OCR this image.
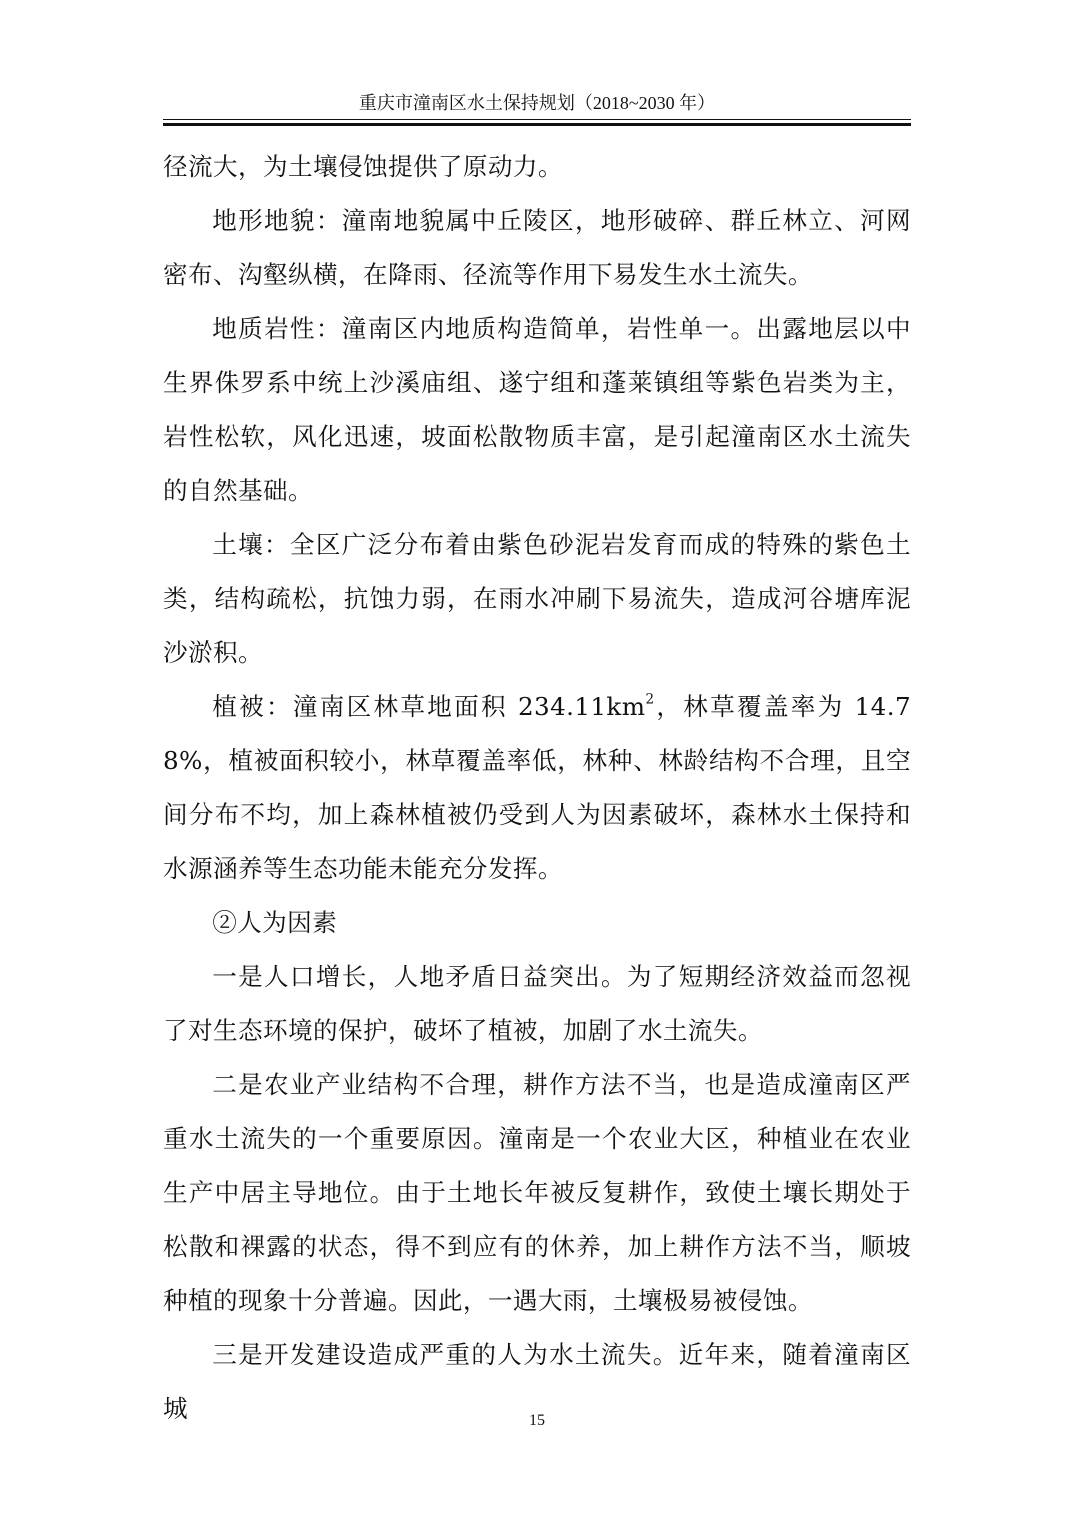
重庆市潼南区水土保持规划（2018~2030 年）

径流大，为土壤侵蚀提供了原动力。

地形地貌：潼南地貌属中丘陵区，地形破碎、群丘林立、河网密布、沟壑纵横，在降雨、径流等作用下易发生水土流失。

地质岩性：潼南区内地质构造简单，岩性单一。出露地层以中生界侏罗系中统上沙溪庙组、遂宁组和蓬莱镇组等紫色岩类为主，岩性松软，风化迅速，坡面松散物质丰富，是引起潼南区水土流失的自然基础。

土壤：全区广泛分布着由紫色砂泥岩发育而成的特殊的紫色土类，结构疏松，抗蚀力弱，在雨水冲刷下易流失，造成河谷塘库泥沙淤积。

植被：潼南区林草地面积 $234.11km^2$，林草覆盖率为 14.78%，植被面积较小，林草覆盖率低，林种、林龄结构不合理，且空间分布不均，加上森林植被仍受到人为因素破坏，森林水土保持和水源涵养等生态功能未能充分发挥。

②人为因素

一是人口增长，人地矛盾日益突出。为了短期经济效益而忽视了对生态环境的保护，破坏了植被，加剧了水土流失。

二是农业产业结构不合理，耕作方法不当，也是造成潼南区严重水土流失的一个重要原因。潼南是一个农业大区，种植业在农业生产中居主导地位。由于土地长年被反复耕作，致使土壤长期处于松散和裸露的状态，得不到应有的休养，加上耕作方法不当，顺坡种植的现象十分普遍。因此，一遇大雨，土壤极易被侵蚀。

三是开发建设造成严重的人为水土流失。近年来，随着潼南区城	15
